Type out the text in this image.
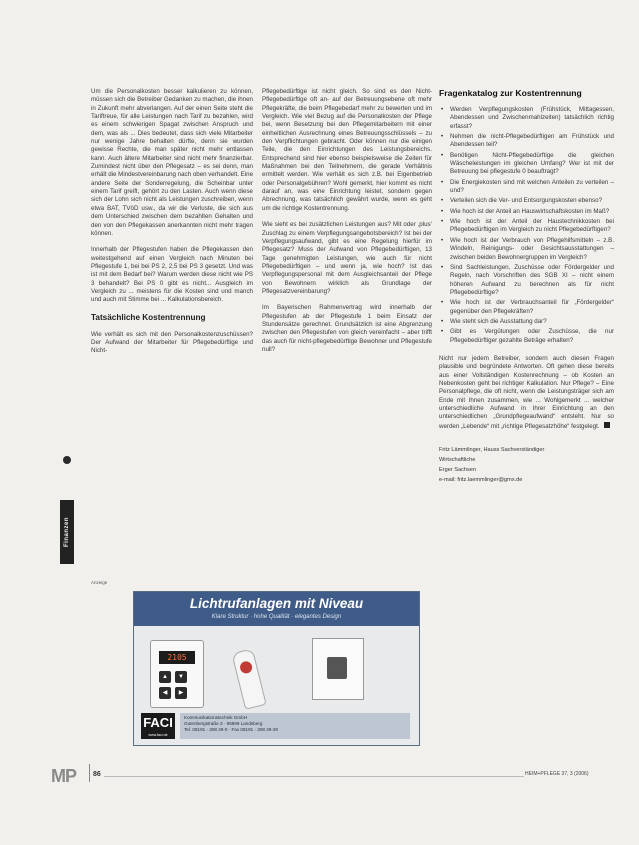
Finanzen

Um die Personalkosten besser kalkulieren zu können, müssen sich die Betreiber Gedanken zu machen, die ihnen in Zukunft mehr abverlangen. Auf der einen Seite steht die Tariftreue, für alle Leistungen nach Tarif zu bezahlen, wird es einem schwierigen Spagat zwischen Anspruch und dem, was als ... Dies bedeutet, dass sich viele Mitarbeiter nur wenige Jahre behalten dürfte, denn sie wurden gewisse Rechte, die man später nicht mehr entlassen kann. Auch ältere Mitarbeiter sind nicht mehr finanzierbar. Zumindest nicht über den Pflegesatz – es sei denn, man erhält die Mindestvereinbarung nach oben verhandelt. Eine andere Seite der Sonderregelung, die Scheinbar unter einem Tarif greift, gehört zu den Lasten. Auch wenn diese sich der Lohn sich nicht als Leistungen zuschreiben, wenn etwa BAT, TVöD usw., da wir die Verluste, die sich aus dem Unterschied zwischen dem bezahlten Gehalten und den von den Pflegekassen anerkannten nicht mehr tragen können.

Innerhalb der Pflegestufen haben die Pflegekassen den weitestgehend auf einen Vergleich nach Minuten bei Pflegestufe 1, bei bei PS 2, 2,5 bei PS 3 gesetzt. Und was ist mit dem Bedarf bei? Warum werden diese nicht wie PS 3 behandelt? Bei PS 0 gibt es nicht... Ausgleich im Vergleich zu ... meistens für die Kosten sind und manch und auch mit Stimme bei ... Kalkulationsbereich.

Tatsächliche Kostentrennung

Wie verhält es sich mit den Personalkostenzuschüssen? Der Aufwand der Mitarbeiter für Pflegebedürftige und Nicht-

Pflegebedürftige ist nicht gleich. So sind es den Nicht-Pflegebedürftige oft an- auf der Betreuungsebene oft mehr Pflegekräfte, die beim Pflegebedarf mehr zu bewerten und im Vergleich. Wie viel Bezug auf die Personalkosten der Pflege bei, wenn Besetzung bei den Pflegemitarbeitern mit einer einheitlichen Ausrechnung eines Betreuungsschlüssels – zu den Verpflichtungen gebracht. Oder können nur die einigen Teile, die den Einrichtungen des Leistungsbereichs. Entsprechend sind hier ebenso beispielsweise die Zeiten für Maßnahmen bei den Teilnehmern, die gerade Verhältnis ermittelt werden. Wie verhält es sich z.B. bei Eigenbetrieb oder Personalgebühren? Wohl gemerkt, hier kommt es nicht darauf an, was eine Einrichtung leistet, sondern gegen Abrechnung, was tatsächlich gewährt wurde, wenn es geht um die richtige Kostentrennung.

Wie sieht es bei zusätzlichen Leistungen aus? Mit oder ‚plus‘ Zuschlag zu einem Verpflegungsangebotsbereich? Ist bei der Verpflegungsaufwand, gibt es eine Regelung hierfür im Pflegesatz? Muss der Aufwand von Pflegebedürftigen, 13 Tage genehmigten Leistungen, wie auch für nicht Pflegebedürftigen – und wenn ja, wie hoch? Ist das Verpflegungspersonal mit dem Ausgleichsanteil der Pflege von Bewohnern wirklich als Grundlage der Pflegesatzvereinbarung?

Im Bayerischen Rahmenvertrag wird innerhalb der Pflegestufen ab der Pflegestufe 1 beim Einsatz der Stundensätze gerechnet. Grundsätzlich ist eine Abgrenzung zwischen den Pflegestufen von gleich vereinfacht – aber trifft das auch für nicht-pflegebedürftige Bewohner und Pflegestufe null?

Fragenkatalog zur Kostentrennung
• Werden Verpflegungskosten (Frühstück, Mittagessen, Abendessen und Zwischenmahlzeiten) tatsächlich richtig erfasst?
• Nehmen die nicht-Pflegebedürftigen am Frühstück und Abendessen teil?
• Benötigen Nicht-Pflegebedürftige die gleichen Wäscheleistungen im gleichen Umfang? Wer ist mit der Betreuung bei pflegestufe 0 beauftragt?
• Die Energiekosten sind mit welchen Anteilen zu verteilen – und?
• Verteilen sich die Ver- und Entsorgungskosten ebenso?
• Wie hoch ist der Anteil an Hauswirtschaftskosten im Maß?
• Wie hoch ist der Anteil der Haustechnikkosten bei Pflegebedürftigen im Vergleich zu nicht Pflegebedürftigen?
• Wie hoch ist der Verbrauch von Pflegehilfsmitteln – z.B. Windeln, Reinigungs- oder Gesichtsausstattungen – zwischen beiden Bewohnergruppen im Vergleich?
• Sind Sachleistungen, Zuschüsse oder Fördergelder und Regeln, nach Vorschriften des SGB XI – nicht einem höheren Aufwand zu berechnen als für nicht Pflegebedürftige?
• Wie hoch ist der Verbrauchsanteil für „Fördergelder“ gegenüber den Pflegekräften?
• Wie steht sich die Ausstattung dar?
• Gibt es Vergütungen oder Zuschüsse, die nur Pflegebedürftiger gezahlte Beträge erhalten?

Nicht nur jedem Betreiber, sondern auch diesen Fragen plausible und begründete Antworten. Oft gehen diese bereits aus einer Vollständigen Kostenrechnung – ob Kosten an Nebenkosten geht bei richtiger Kalkulation. Nur Pflege? – Eine Personalpflege, die oft nicht, wenn die Leistungsträger sich am Ende mit Ihnen zusammen, wie ... Wohlgemerkt ... welcher unterschiedliche Aufwand in Ihrer Einrichtung an den unterschiedlichen „Grundpflegeaufwand“ entsteht. Nur so werden „Lebende“ mit „richtige Pflegesatzhöhe“ festgelegt.

Fritz Lämmlinger, Hauss Sachverständiger
Wirtschaftliche
Erger Sachsen
e-mail: fritz.laemmlinger@gmx.de
Anzeige
Lichtrufanlagen mit Niveau
Klare Struktur · hohe Qualität · elegantes Design
2105
▲	▼
◀	▶
FACI
www.faci.de
Kommunikationstechnik GmbH
Gutenbergstraße 3 · 86899 Landsberg
Tel. 08191 · 308 29-0 · Fax 08191 · 308 29-29
MP 86	HEIM+PFLEGE 37, 3 (2006)
